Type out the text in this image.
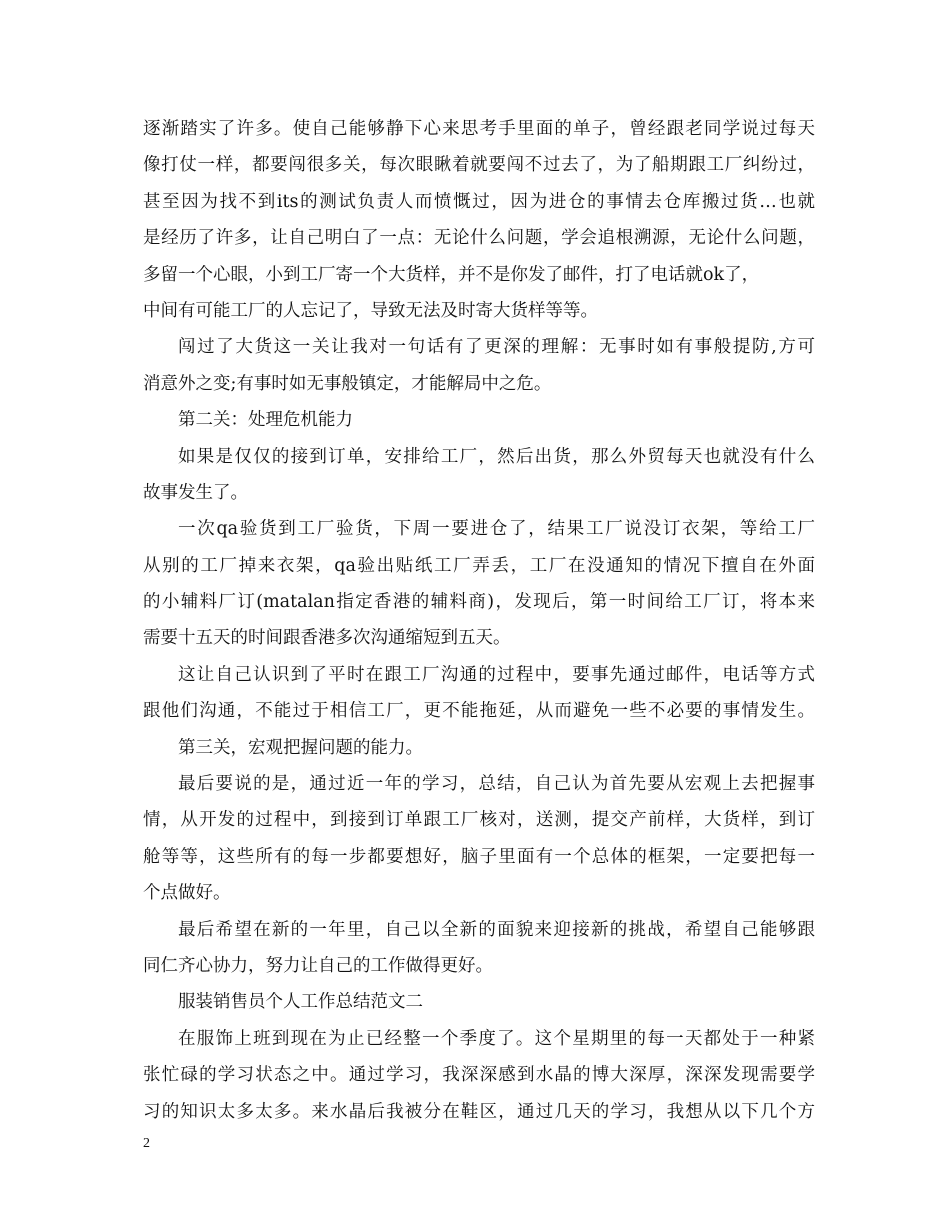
逐渐踏实了许多。使自己能够静下心来思考手里面的单子，曾经跟老同学说过每天
像打仗一样，都要闯很多关，每次眼瞅着就要闯不过去了，为了船期跟工厂纠纷过，
甚至因为找不到its的测试负责人而愤慨过，因为进仓的事情去仓库搬过货…也就
是经历了许多，让自己明白了一点：无论什么问题，学会追根溯源，无论什么问题，
多留一个心眼，小到工厂寄一个大货样，并不是你发了邮件，打了电话就ok了，
中间有可能工厂的人忘记了，导致无法及时寄大货样等等。
闯过了大货这一关让我对一句话有了更深的理解：无事时如有事般提防,方可
消意外之变;有事时如无事般镇定，才能解局中之危。
第二关：处理危机能力
如果是仅仅的接到订单，安排给工厂，然后出货，那么外贸每天也就没有什么
故事发生了。
一次qa验货到工厂验货，下周一要进仓了，结果工厂说没订衣架，等给工厂
从别的工厂掉来衣架，qa验出贴纸工厂弄丢，工厂在没通知的情况下擅自在外面
的小辅料厂订(matalan指定香港的辅料商)，发现后，第一时间给工厂订，将本来
需要十五天的时间跟香港多次沟通缩短到五天。
这让自己认识到了平时在跟工厂沟通的过程中，要事先通过邮件，电话等方式
跟他们沟通，不能过于相信工厂，更不能拖延，从而避免一些不必要的事情发生。
第三关，宏观把握问题的能力。
最后要说的是，通过近一年的学习，总结，自己认为首先要从宏观上去把握事
情，从开发的过程中，到接到订单跟工厂核对，送测，提交产前样，大货样，到订
舱等等，这些所有的每一步都要想好，脑子里面有一个总体的框架，一定要把每一
个点做好。
最后希望在新的一年里，自己以全新的面貌来迎接新的挑战，希望自己能够跟
同仁齐心协力，努力让自己的工作做得更好。
服装销售员个人工作总结范文二
在服饰上班到现在为止已经整一个季度了。这个星期里的每一天都处于一种紧
张忙碌的学习状态之中。通过学习，我深深感到水晶的博大深厚，深深发现需要学
习的知识太多太多。来水晶后我被分在鞋区，通过几天的学习，我想从以下几个方
2
